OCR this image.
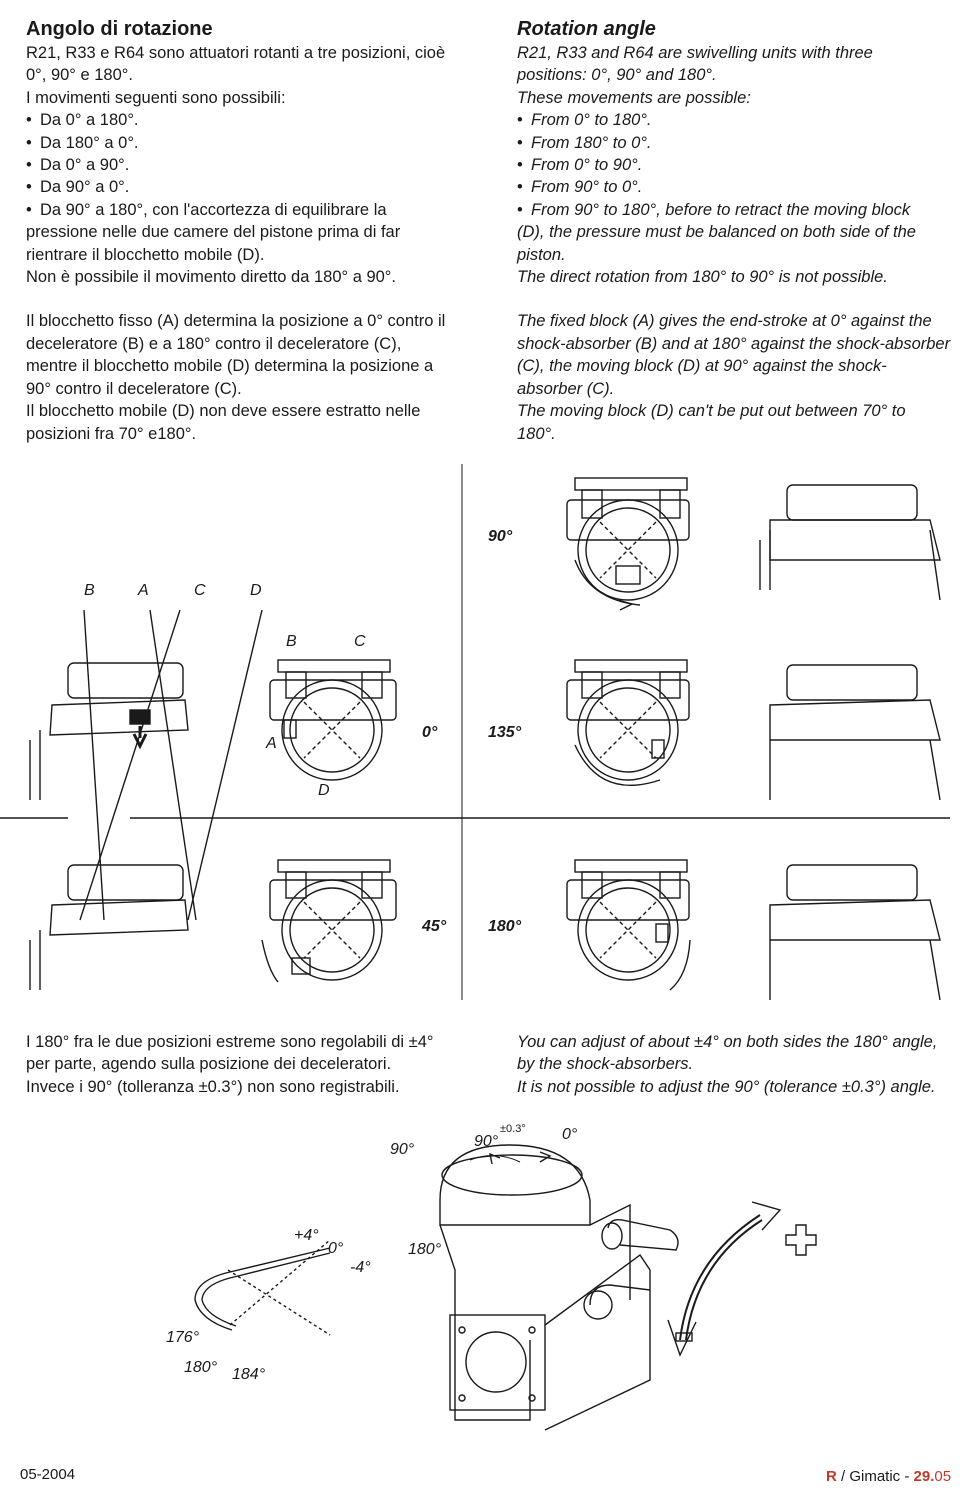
Angolo di rotazione
R21, R33 e R64 sono attuatori rotanti a tre posizioni, cioè
0°, 90° e 180°.
I movimenti seguenti sono possibili:
• Da 0° a 180°.
• Da 180° a 0°.
• Da 0° a 90°.
• Da 90° a 0°.
• Da 90° a 180°, con l'accortezza di equilibrare la
pressione nelle due camere del pistone prima di far
rientrare il blocchetto mobile (D).
Non è possibile il movimento diretto da 180° a 90°.
Il blocchetto fisso (A) determina la posizione a 0° contro il
deceleratore (B) e a 180° contro il deceleratore (C),
mentre il blocchetto mobile (D) determina la posizione a
90° contro il deceleratore (C).
Il blocchetto mobile (D) non deve essere estratto nelle
posizioni fra 70° e180°.
Rotation angle
R21, R33 and R64 are swivelling units with three
positions: 0°, 90° and 180°.
These movements are possible:
• From 0° to 180°.
• From 180° to 0°.
• From 0° to 90°.
• From 90° to 0°.
• From 90° to 180°, before to retract the moving block
(D), the pressure must be balanced on both side of the
piston.
The direct rotation from 180° to 90° is not possible.
The fixed block (A) gives the end-stroke at 0° against the
shock-absorber (B) and at 180° against the shock-absorber
(C), the moving block (D) at 90° against the shock-
absorber (C).
The moving block (D) can't be put out between 70° to
180°.
90°
B	A	C	D
B	C
A
D
0°	135°
45°	180°
I 180° fra le due posizioni estreme sono regolabili di ±4°
per parte, agendo sulla posizione dei deceleratori.
Invece i 90° (tolleranza ±0.3°) non sono registrabili.
You can adjust of about ±4° on both sides the 180° angle,
by the shock-absorbers.
It is not possible to adjust the 90° (tolerance ±0.3°) angle.
90°	90°
±0.3° 0°
+4°
0°
-4°
180°
176°
180° 184°
05-2004	R / Gimatic - 29.05
